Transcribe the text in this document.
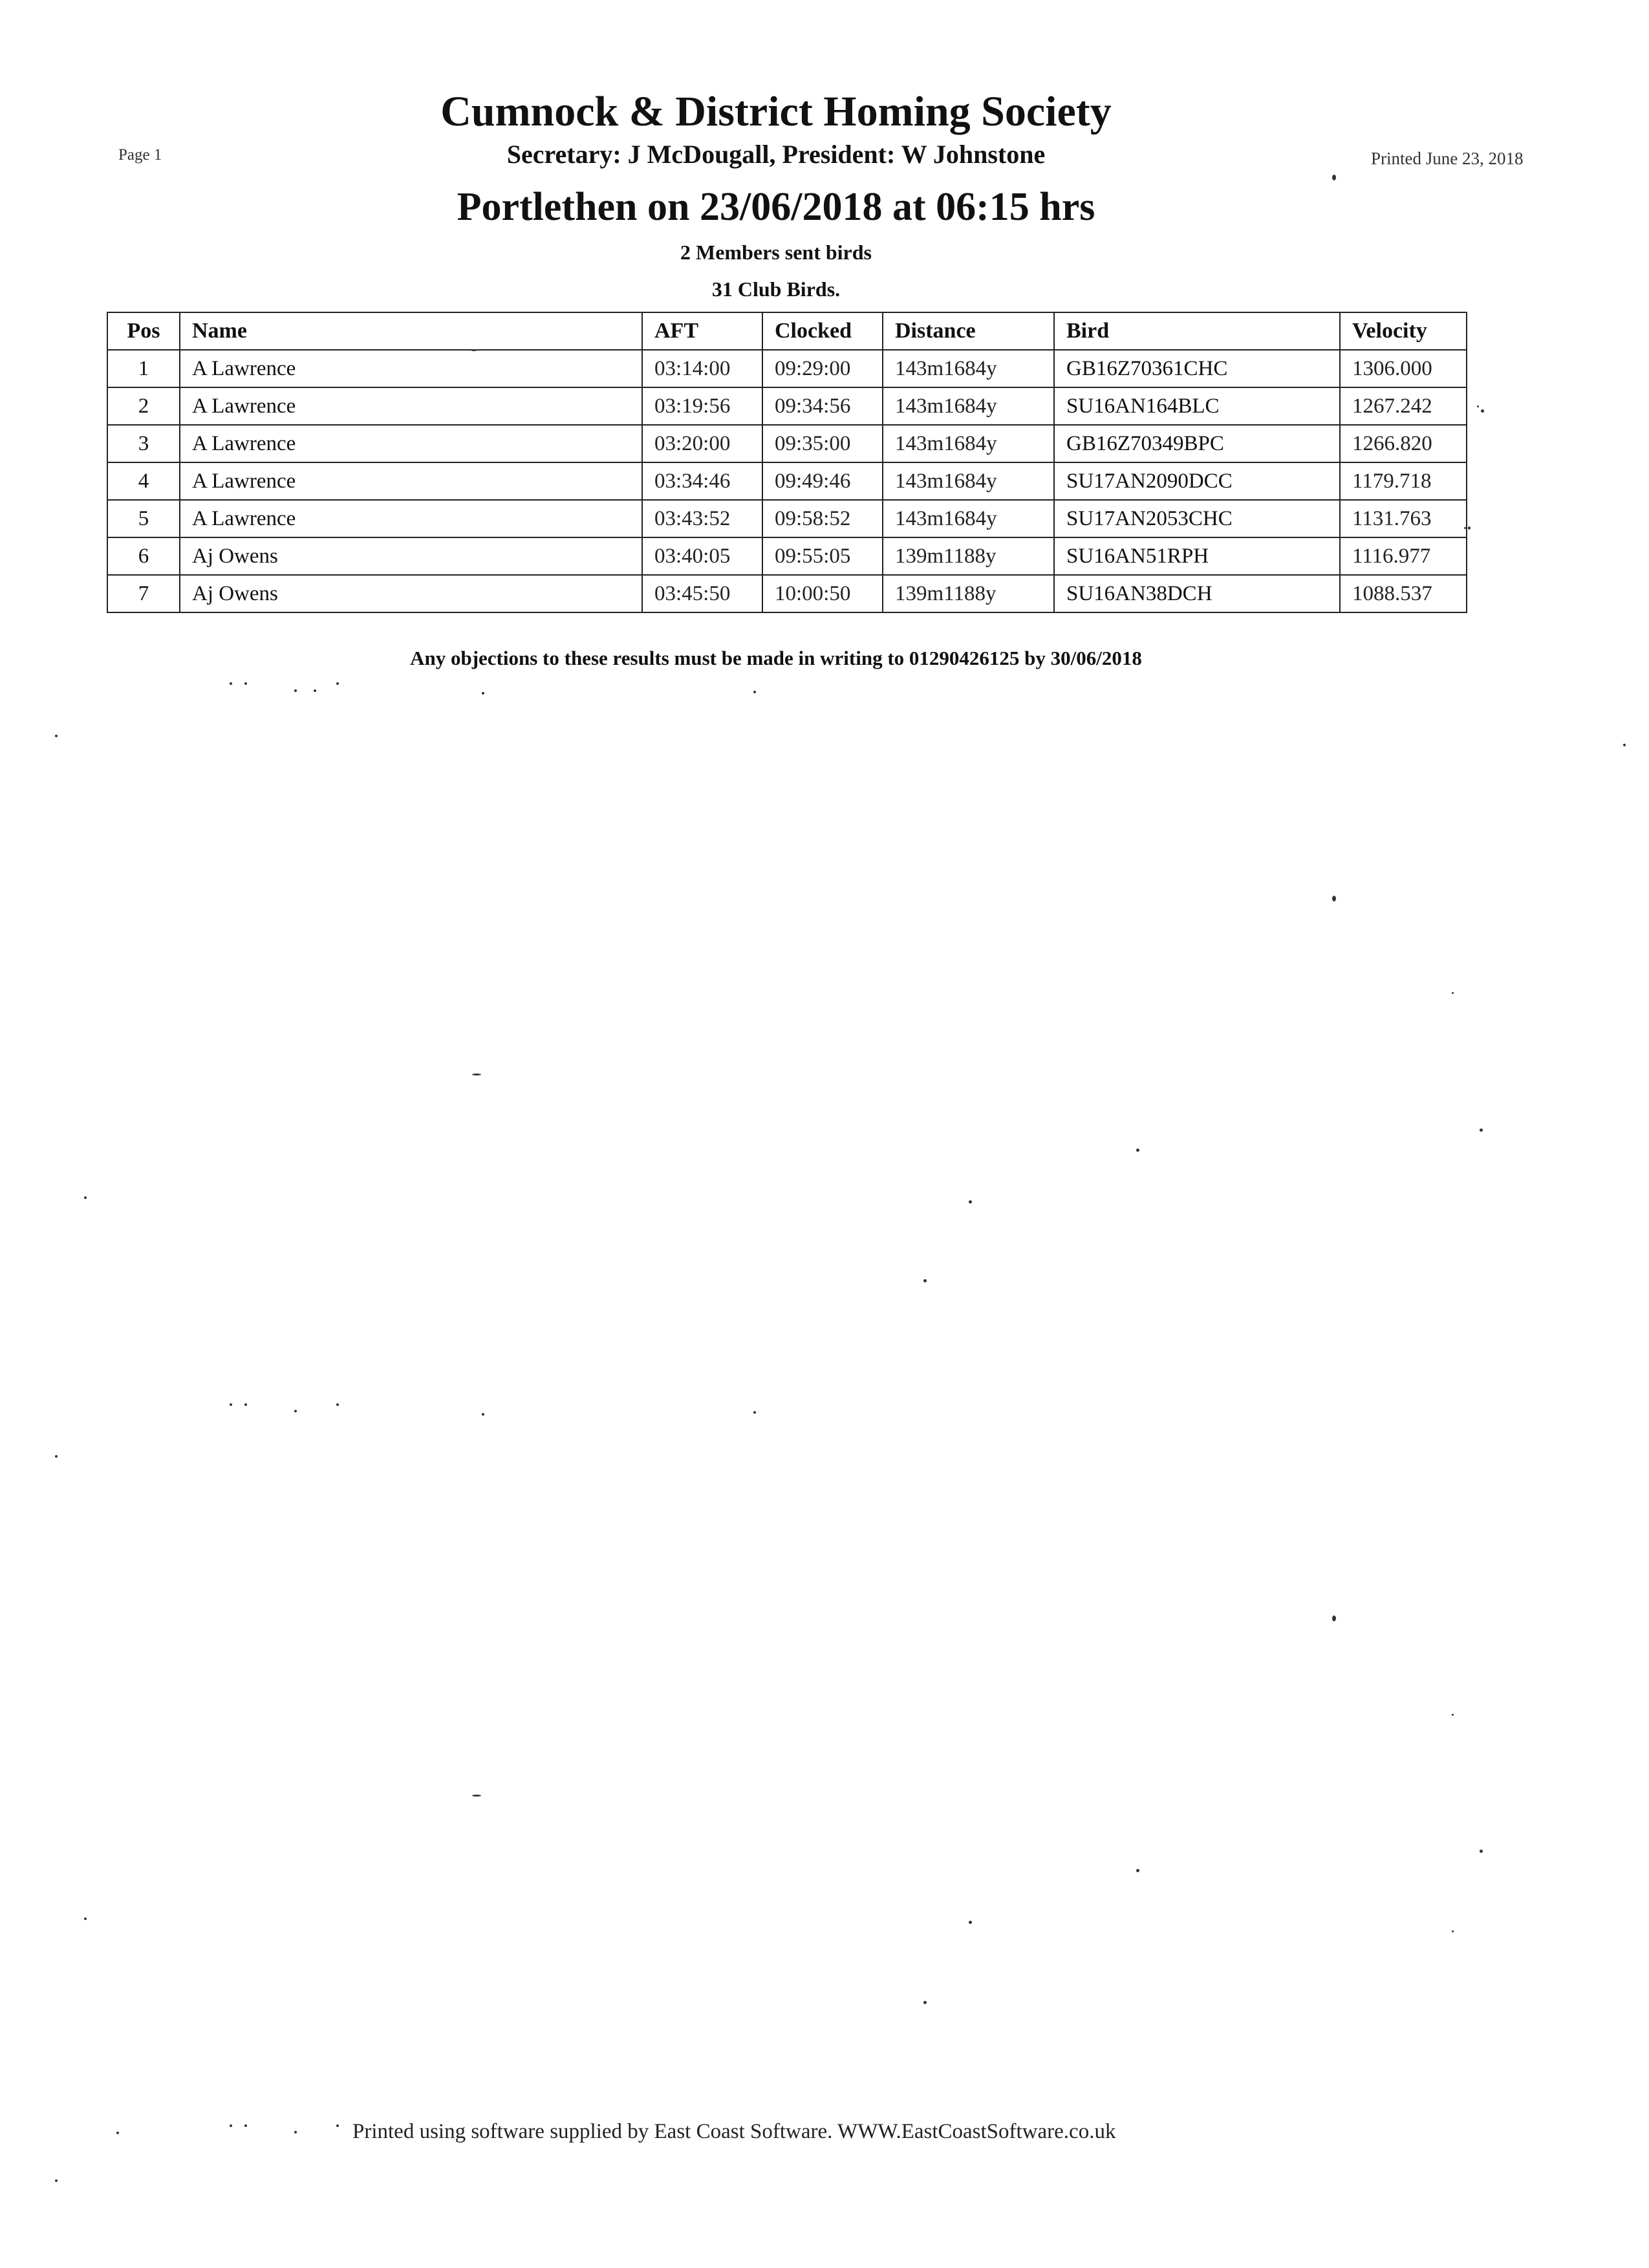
Page 1	Printed June 23, 2018
Cumnock & District Homing Society
Secretary: J McDougall, President: W Johnstone
Portlethen on 23/06/2018 at 06:15 hrs
2 Members sent birds
31 Club Birds.
Pos	Name	AFT	Clocked	Distance	Bird	Velocity
1	A Lawrence	03:14:00	09:29:00	143m1684y	GB16Z70361CHC	1306.000
2	A Lawrence	03:19:56	09:34:56	143m1684y	SU16AN164BLC	1267.242
3	A Lawrence	03:20:00	09:35:00	143m1684y	GB16Z70349BPC	1266.820
4	A Lawrence	03:34:46	09:49:46	143m1684y	SU17AN2090DCC	1179.718
5	A Lawrence	03:43:52	09:58:52	143m1684y	SU17AN2053CHC	1131.763
6	Aj Owens	03:40:05	09:55:05	139m1188y	SU16AN51RPH	1116.977
7	Aj Owens	03:45:50	10:00:50	139m1188y	SU16AN38DCH	1088.537
Any objections to these results must be made in writing to 01290426125 by 30/06/2018
Printed using software supplied by East Coast Software. WWW.EastCoastSoftware.co.uk
